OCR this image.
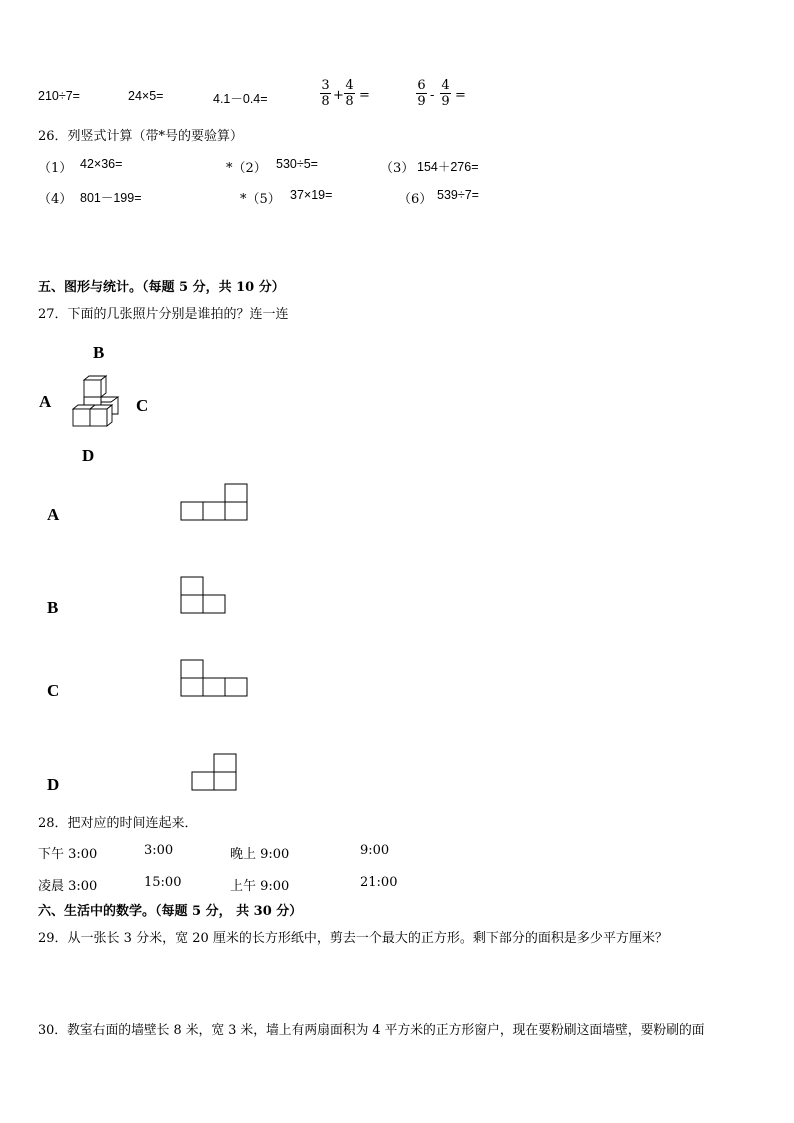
210÷7=	24×5=	4.1－0.4=
3
8 +
4
8 =
6
9 -
4
9 =
26．列竖式计算（带*号的要验算）
（1） 42×36=	*（2） 530÷5=	（3） 154＋276=
（4） 801－199=	*（5） 37×19=	（6） 539÷7=
五、图形与统计。（每题 5 分，共 10 分）
27．下面的几张照片分别是谁拍的？连一连
B
A	C
D
A
B
C
D
28．把对应的时间连起来．
下午 3:00	3:00	晚上 9:00	9:00
凌晨 3:00	15:00	上午 9:00	21:00
六、生活中的数学。（每题 5 分， 共 30 分）
29．从一张长 3 分米，宽 20 厘米的长方形纸中，剪去一个最大的正方形。剩下部分的面积是多少平方厘米？
30．教室右面的墙壁长 8 米，宽 3 米，墙上有两扇面积为 4 平方米的正方形窗户，现在要粉刷这面墙壁，要粉刷的面
